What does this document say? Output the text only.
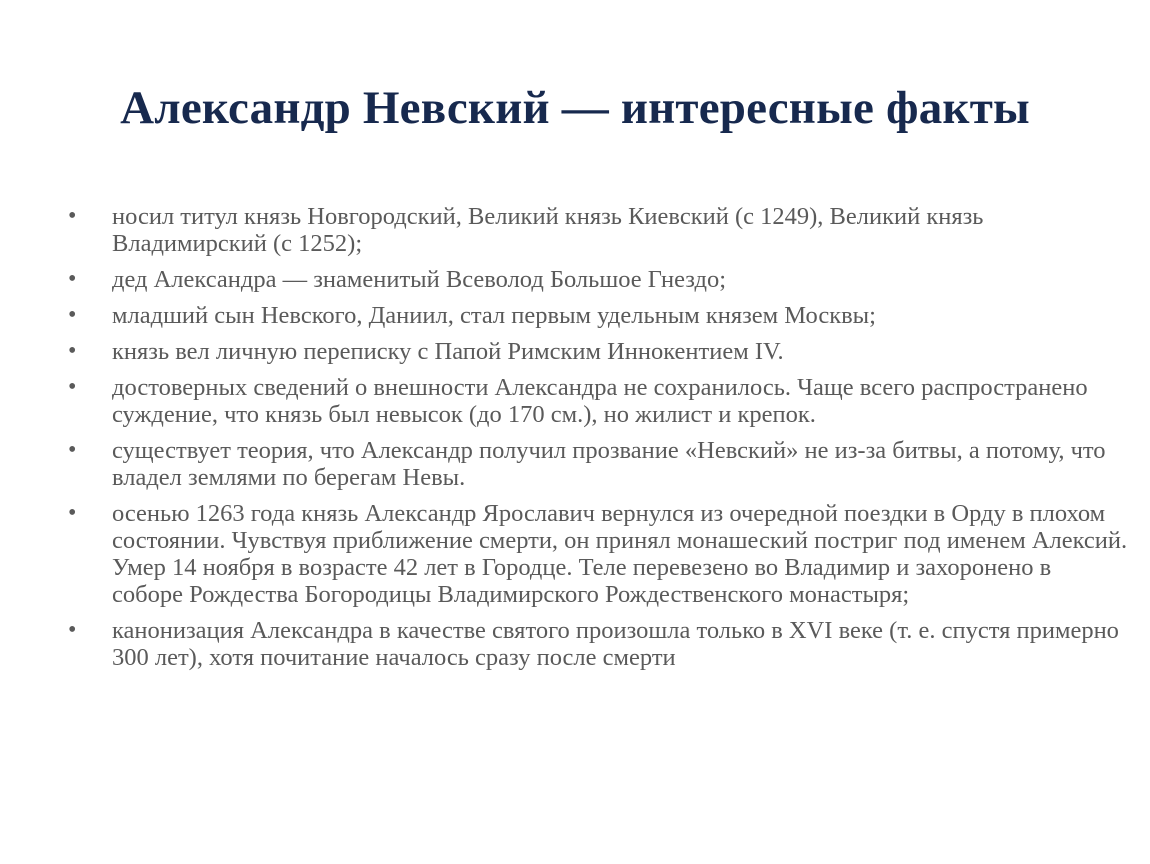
Александр Невский — интересные факты
•	носил титул князь Новгородский, Великий князь Киевский (с 1249), Великий князь Владимирский (с 1252);
•	дед Александра — знаменитый Всеволод Большое Гнездо;
•	младший сын Невского, Даниил, стал первым удельным князем Москвы;
•	князь вел личную переписку с Папой Римским Иннокентием IV.
•	достоверных сведений о внешности Александра не сохранилось. Чаще всего распространено суждение, что князь был невысок (до 170 см.), но жилист и крепок.
•	существует теория, что Александр получил прозвание «Невский» не из-за битвы, а потому, что владел землями по берегам Невы.
•	осенью 1263 года князь Александр Ярославич вернулся из очередной поездки в Орду в плохом состоянии. Чувствуя приближение смерти, он принял монашеский постриг под именем Алексий. Умер 14 ноября в возрасте 42 лет в Городце. Теле перевезено во Владимир и захоронено в соборе Рождества Богородицы Владимирского Рождественского монастыря;
•	канонизация Александра в качестве святого произошла только в XVI веке (т. е. спустя примерно 300 лет), хотя почитание началось сразу после смерти
